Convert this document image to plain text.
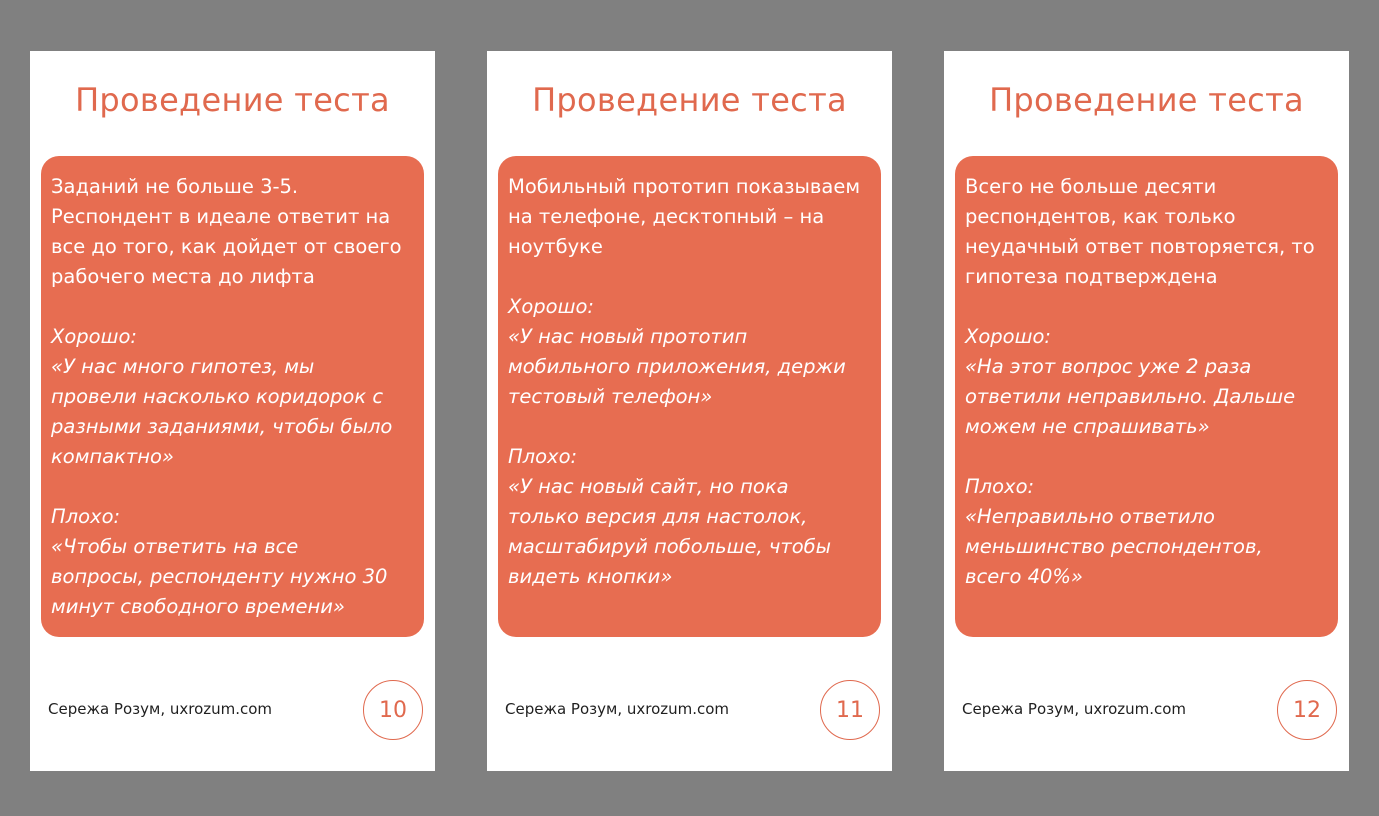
Проведение теста

Заданий не больше 3-5.

Респондент в идеале ответит на

все до того, как дойдет от своего

рабочего места до лифта

Хорошо:

«У нас много гипотез, мы

провели насколько коридорок с

разными заданиями, чтобы было

компактно»

Плохо:

«Чтобы ответить на все

вопросы, респонденту нужно 30

минут свободного времени»

Сережа Розум, uxrozum.com	10
Проведение теста

Мобильный прототип показываем

на телефоне, десктопный – на

ноутбуке

Хорошо:

«У нас новый прототип

мобильного приложения, держи

тестовый телефон»

Плохо:

«У нас новый сайт, но пока

только версия для настолок,

масштабируй побольше, чтобы

видеть кнопки»

Сережа Розум, uxrozum.com	11
Проведение теста

Всего не больше десяти

респондентов, как только

неудачный ответ повторяется, то

гипотеза подтверждена

Хорошо:

«На этот вопрос уже 2 раза

ответили неправильно. Дальше

можем не спрашивать»

Плохо:

«Неправильно ответило

меньшинство респондентов,

всего 40%»

Сережа Розум, uxrozum.com	12
